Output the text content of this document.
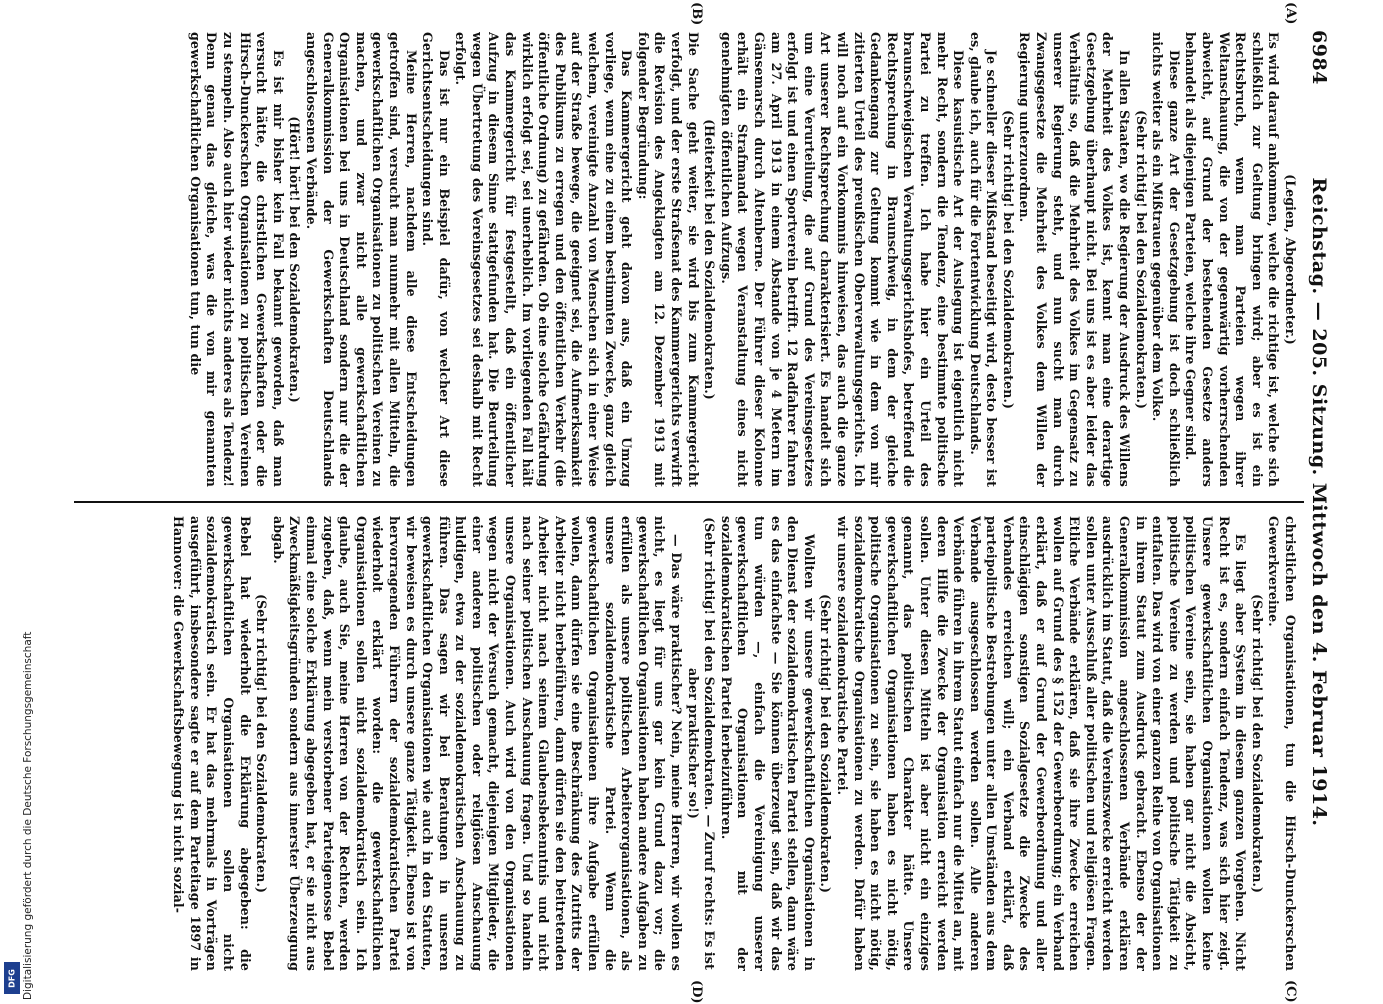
Digitalisierung gefördert durch die Deutsche Forschungsgemeinschaft
DFG
6984
Reichstag. — 205. Sitzung. Mittwoch den 4. Februar 1914.

(Legien, Abgeordneter.)

Es wird darauf ankommen, welche die richtige ist, welche sich schließlich zur Geltung bringen wird; aber es ist ein Rechtsbruch, wenn man Parteien wegen ihrer Weltanschauung, die von der gegenwärtig vorherrschenden abweicht, auf Grund der bestehenden Gesetze anders behandelt als diejenigen Parteien, welche ihre Gegner sind.

Diese ganze Art der Gesetzgebung ist doch schließlich nichts weiter als ein Mißtrauen gegenüber dem Volke.

(Sehr richtig! bei den Sozialdemokraten.)

In allen Staaten, wo die Regierung der Ausdruck des Willens der Mehrheit des Volkes ist, kennt man eine derartige Gesetzgebung überhaupt nicht. Bei uns ist es aber leider das Verhältnis so, daß die Mehrheit des Volkes im Gegensatz zu unserer Regierung steht, und nun sucht man durch Zwangsgesetze die Mehrheit des Volkes dem Willen der Regierung unterzuordnen.

(Sehr richtig! bei den Sozialdemokraten.)

Je schneller dieser Mißstand beseitigt wird, desto besser ist es, glaube ich, auch für die Fortentwicklung Deutschlands.

Diese kasuistische Art der Auslegung ist eigentlich nicht mehr Recht, sondern die Tendenz, eine bestimmte politische Partei zu treffen. Ich habe hier ein Urteil des braunschweigischen Verwaltungsgerichtshofes, betreffend die Rechtsprechung in Braunschweig, in dem der gleiche Gedankengang zur Geltung kommt wie in dem von mir zitierten Urteil des preußischen Oberverwaltungsgerichts. Ich will noch auf ein Vorkommnis hinweisen, das auch die ganze Art unserer Rechtsprechung charakterisiert. Es handelt sich um eine Verurteilung, die auf Grund des Vereinsgesetzes erfolgt ist und einen Sportverein betrifft. 12 Radfahrer fahren am 27. April 1913 in einem Abstande von je 4 Metern im Gänsemarsch durch Altenberne. Der Führer dieser Kolonne erhält ein Strafmandat wegen Veranstaltung eines nicht genehmigten öffentlichen Aufzugs.

(Heiterkeit bei den Sozialdemokraten.)

Die Sache geht weiter, sie wird bis zum Kammergericht verfolgt, und der erste Strafsenat des Kammergerichts verwirft die Revision des Angeklagten am 12. Dezember 1913 mit folgender Begründung:

Das Kammergericht geht davon aus, daß ein Umzug vorliege, wenn eine zu einem bestimmten Zwecke, ganz gleich welchem, vereinigte Anzahl von Menschen sich in einer Weise auf der Straße bewege, die geeignet sei, die Aufmerksamkeit des Publikums zu erregen und den öffentlichen Verkehr (die öffentliche Ordnung) zu gefährden. Ob eine solche Gefährdung wirklich erfolgt sei, sei unerheblich. Im vorliegenden Fall hält das Kammergericht für festgestellt, daß ein öffentlicher Aufzug in diesem Sinne stattgefunden hat. Die Beurteilung wegen Übertretung des Vereinsgesetzes sei deshalb mit Recht erfolgt.

Das ist nur ein Beispiel dafür, von welcher Art diese Gerichtsentscheidungen sind.

Meine Herren, nachdem alle diese Entscheidungen getroffen sind, versucht man nunmehr mit allen Mitteln, die gewerkschaftlichen Organisationen zu politischen Vereinen zu machen, und zwar nicht alle gewerkschaftlichen Organisationen bei uns in Deutschland sondern nur die der Generalkommission der Gewerkschaften Deutschlands angeschlossenen Verbände.

(Hört! hört! bei den Sozialdemokraten.)

Es ist mir bisher kein Fall bekannt geworden, daß man versucht hätte, die christlichen Gewerkschaften oder die Hirsch-Dunckerschen Organisationen zu politischen Vereinen zu stempeln. Also auch hier wieder nichts anderes als Tendenz! Denn genau das gleiche, was die von mir genannten gewerkschaftlichen Organisationen tun, tun die

christlichen Organisationen, tun die Hirsch-Dunckerschen Gewerkvereine.

(Sehr richtig! bei den Sozialdemokraten.)

Es liegt aber System in diesem ganzen Vorgehen. Nicht Recht ist es, sondern einfach Tendenz, was sich hier zeigt. Unsere gewerkschaftlichen Organisationen wollen keine politischen Vereine sein, sie haben gar nicht die Absicht, politische Vereine zu werden und politische Tätigkeit zu entfalten. Das wird von einer ganzen Reihe von Organisationen in ihrem Statut zum Ausdruck gebracht. Ebenso der der Generalkommission angeschlossenen Verbände erklären ausdrücklich im Statut, daß die Vereinszwecke erreicht werden sollen unter Ausschluß aller politischen und religiösen Fragen. Etliche Verbände erklären, daß sie ihre Zwecke erreichen wollen auf Grund des § 152 der Gewerbeordnung; ein Verband erklärt, daß er auf Grund der Gewerbeordnung und aller einschlägigen sonstigen Sozialgesetze die Zwecke des Verbandes erreichen will; ein Verband erklärt, daß parteipolitische Bestrebungen unter allen Umständen aus dem Verbande ausgeschlossen werden sollen. Alle anderen Verbände führen in ihrem Statut einfach nur die Mittel an, mit deren Hilfe die Zwecke der Organisation erreicht werden sollen. Unter diesen Mitteln ist aber nicht ein einziges genannt, das politischen Charakter hätte. Unsere gewerkschaftlichen Organisationen haben es nicht nötig, politische Organisationen zu sein, sie haben es nicht nötig, sozialdemokratische Organisationen zu werden. Dafür haben wir unsere sozialdemokratische Partei.

(Sehr richtig! bei den Sozialdemokraten.)

Wollten wir unsere gewerkschaftlichen Organisationen in den Dienst der sozialdemokratischen Partei stellen, dann wäre es das einfachste — Sie können überzeugt sein, daß wir das tun würden —, einfach die Vereinigung unserer gewerkschaftlichen Organisationen mit der sozialdemokratischen Partei herbeizuführen.

(Sehr richtig! bei den Sozialdemokraten. — Zuruf rechts: Es ist aber praktischer so!)

— Das wäre praktischer? Nein, meine Herren, wir wollen es nicht, es liegt für uns gar kein Grund dazu vor; die gewerkschaftlichen Organisationen haben andere Aufgaben zu erfüllen als unsere politischen Arbeiterorganisationen, als unsere sozialdemokratische Partei. Wenn die gewerkschaftlichen Organisationen ihre Aufgabe erfüllen wollen, dann dürfen sie eine Beschränkung des Zutritts der Arbeiter nicht herbeiführen, dann dürfen sie den beitretenden Arbeiter nicht nach seinem Glaubensbekenntnis und nicht nach seiner politischen Anschauung fragen. Und so handeln unsere Organisationen. Auch wird von den Organisationen wegen nicht der Versuch gemacht, diejenigen Mitglieder, die einer anderen politischen oder religiösen Anschauung huldigen, etwa zu der sozialdemokratischen Anschauung zu führen. Das sagen wir bei Beratungen in unseren gewerkschaftlichen Organisationen wie auch in den Statuten, wir beweisen es durch unsere ganze Tätigkeit. Ebenso ist von hervorragenden Führern der sozialdemokratischen Partei wiederholt erklärt worden: die gewerkschaftlichen Organisationen sollen nicht sozialdemokratisch sein. Ich glaube, auch Sie, meine Herren von der Rechten, werden zugeben, daß, wenn mein verstorbener Parteigenosse Bebel einmal eine solche Erklärung abgegeben hat, er sie nicht aus Zweckmäßigkeitsgründen sondern aus innerster Überzeugung abgab.

(Sehr richtig! bei den Sozialdemokraten.)

Bebel hat wiederholt die Erklärung abgegeben: die gewerkschaftlichen Organisationen sollen nicht sozialdemokratisch sein. Er hat das mehrmals in Vorträgen ausgeführt, insbesondere sagte er auf dem Parteitage 1897 in Hannover: die Gewerkschaftsbewegung ist nicht sozial-

(A)
(B)
(C)
(D)
